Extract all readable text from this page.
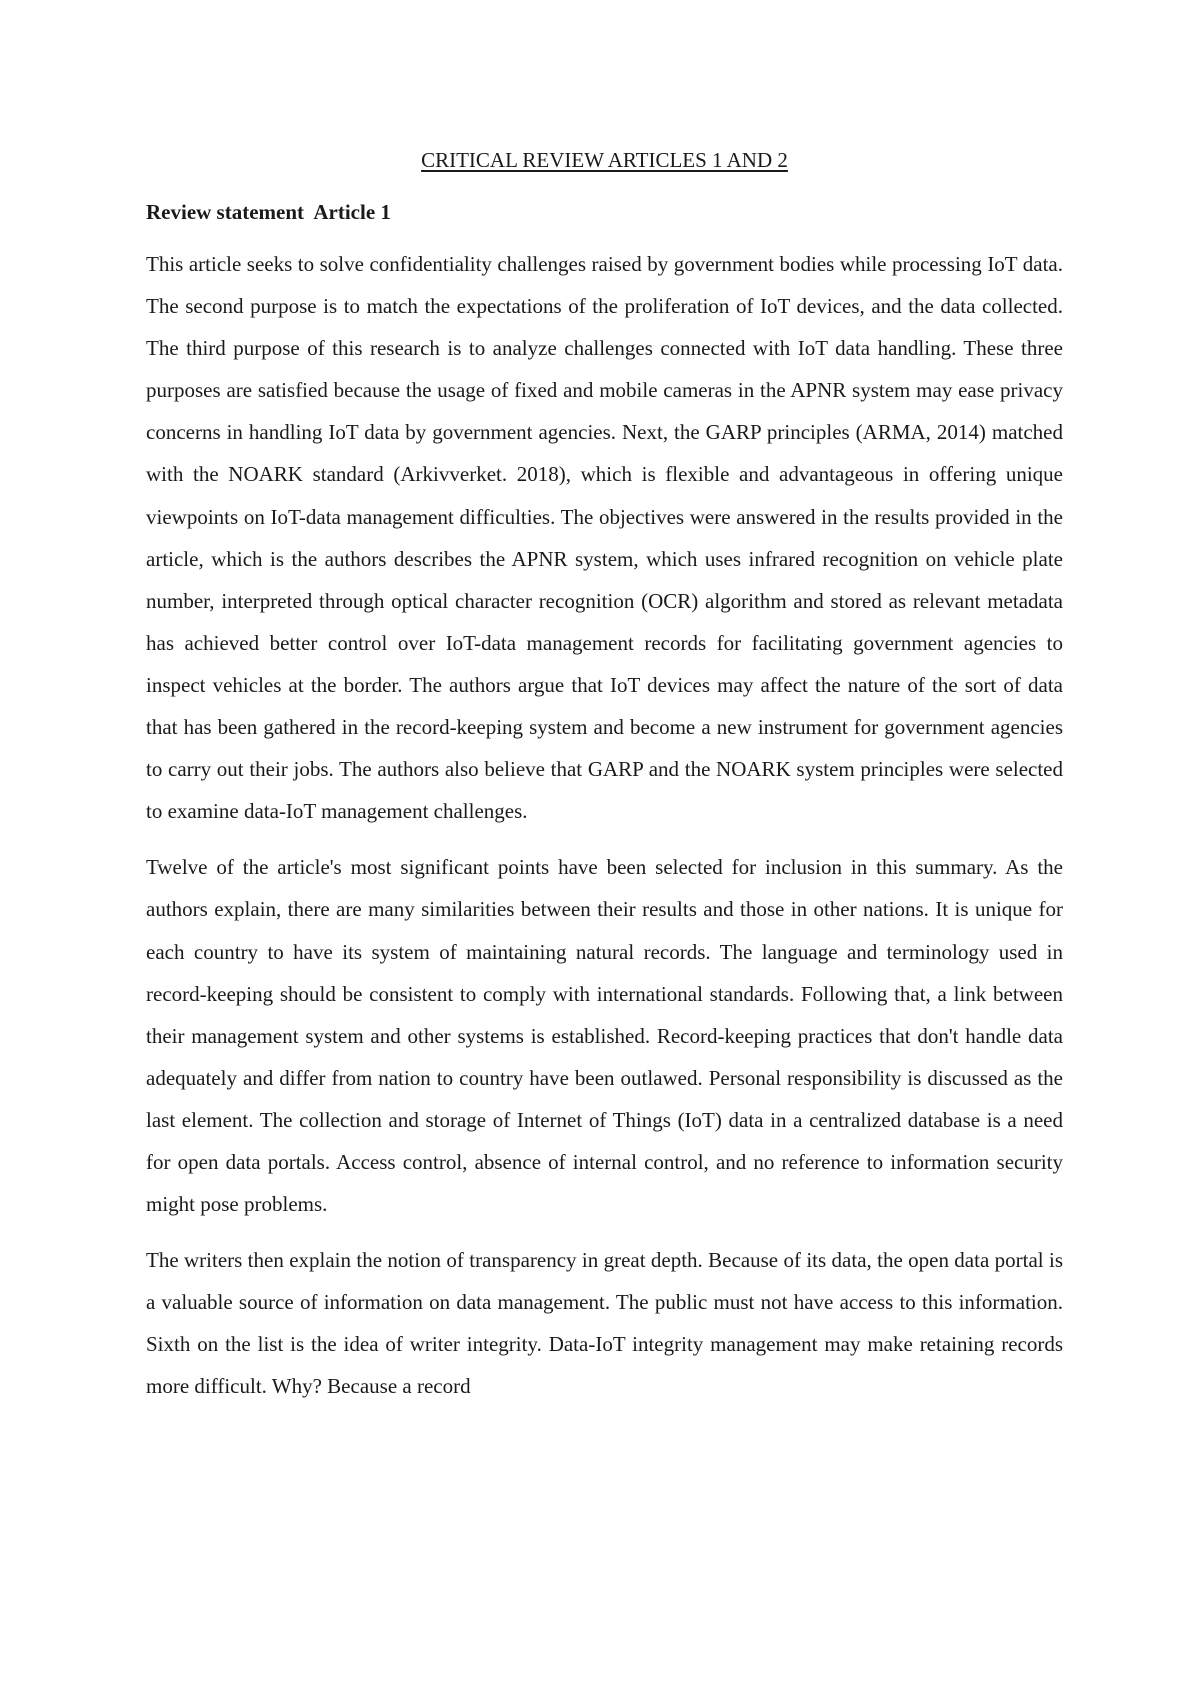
CRITICAL REVIEW ARTICLES 1 AND 2
Review statement  Article 1

This article seeks to solve confidentiality challenges raised by government bodies while processing IoT data. The second purpose is to match the expectations of the proliferation of IoT devices, and the data collected. The third purpose of this research is to analyze challenges connected with IoT data handling. These three purposes are satisfied because the usage of fixed and mobile cameras in the APNR system may ease privacy concerns in handling IoT data by government agencies. Next, the GARP principles (ARMA, 2014) matched with the NOARK standard (Arkivverket. 2018), which is flexible and advantageous in offering unique viewpoints on IoT-data management difficulties. The objectives were answered in the results provided in the article, which is the authors describes the APNR system, which uses infrared recognition on vehicle plate number, interpreted through optical character recognition (OCR) algorithm and stored as relevant metadata has achieved better control over IoT-data management records for facilitating government agencies to inspect vehicles at the border. The authors argue that IoT devices may affect the nature of the sort of data that has been gathered in the record-keeping system and become a new instrument for government agencies to carry out their jobs. The authors also believe that GARP and the NOARK system principles were selected to examine data-IoT management challenges.

Twelve of the article's most significant points have been selected for inclusion in this summary. As the authors explain, there are many similarities between their results and those in other nations. It is unique for each country to have its system of maintaining natural records. The language and terminology used in record-keeping should be consistent to comply with international standards. Following that, a link between their management system and other systems is established. Record-keeping practices that don't handle data adequately and differ from nation to country have been outlawed. Personal responsibility is discussed as the last element. The collection and storage of Internet of Things (IoT) data in a centralized database is a need for open data portals. Access control, absence of internal control, and no reference to information security might pose problems.

The writers then explain the notion of transparency in great depth. Because of its data, the open data portal is a valuable source of information on data management. The public must not have access to this information. Sixth on the list is the idea of writer integrity. Data-IoT integrity management may make retaining records more difficult. Why? Because a record
